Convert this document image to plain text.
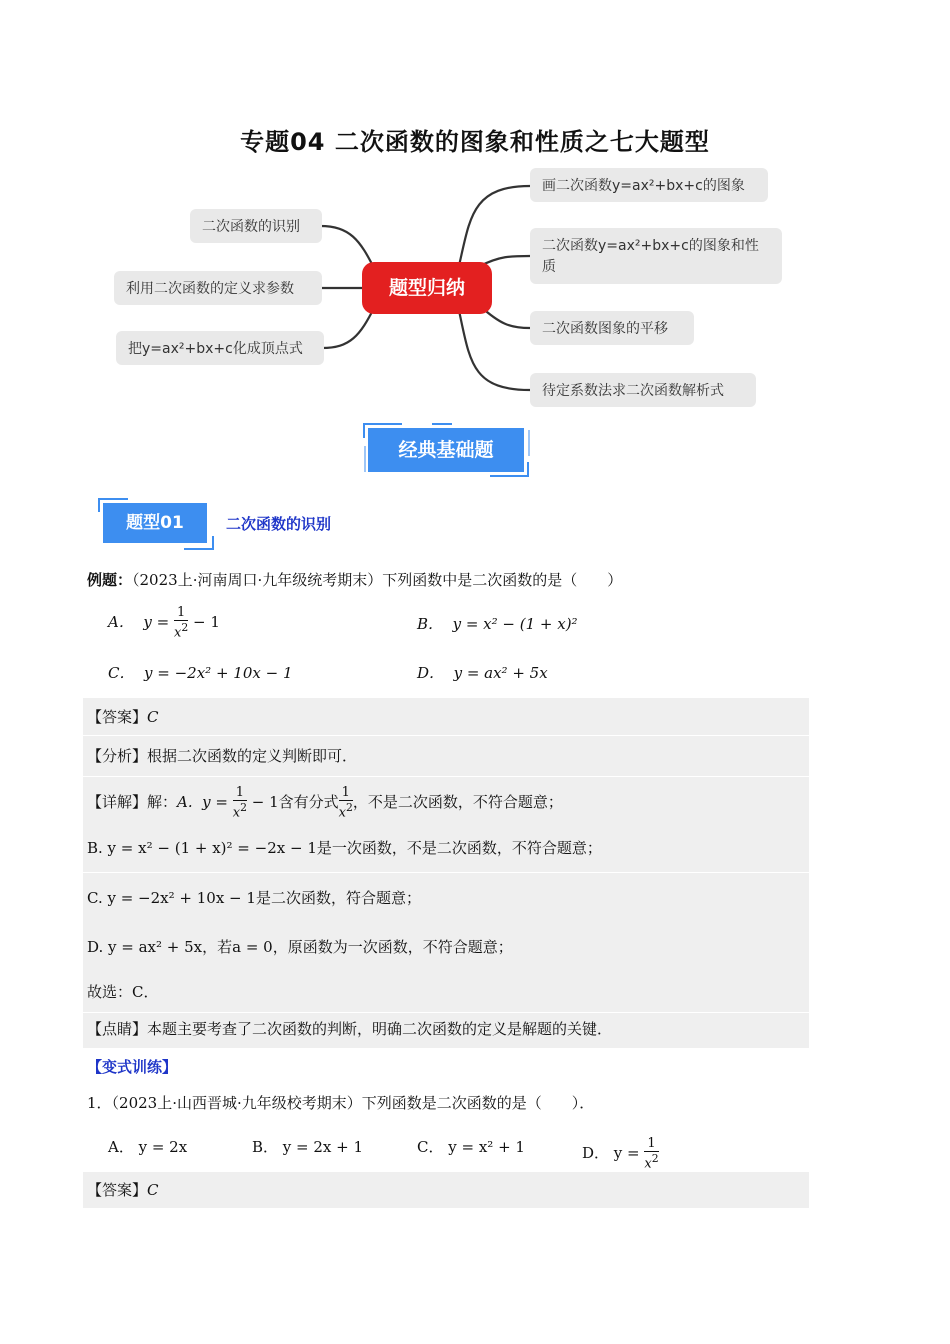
专题04 二次函数的图象和性质之七大题型
二次函数的识别
利用二次函数的定义求参数
把y=ax²+bx+c化成顶点式
画二次函数y=ax²+bx+c的图象
二次函数y=ax²+bx+c的图象和性质
二次函数图象的平移
待定系数法求二次函数解析式
题型归纳
经典基础题
题型01	二次函数的识别
例题：（2023上·河南周口·九年级统考期末）下列函数中是二次函数的是（　　）
A． $y = \frac{1}{x^2} - 1$	B． y = x² − (1 + x)²
C． y = −2x² + 10x − 1	D． y = ax² + 5x
【答案】C
【分析】根据二次函数的定义判断即可．
【详解】解：A. $y = \frac{1}{x^2} - 1$含有分式 $\frac{1}{x^2}$ ，不是二次函数，不符合题意；
B. y = x² − (1 + x)² = −2x − 1是一次函数，不是二次函数，不符合题意；
C. y = −2x² + 10x − 1是二次函数，符合题意；
D. y = ax² + 5x，若a = 0，原函数为一次函数，不符合题意；
故选：C．
【点睛】本题主要考查了二次函数的判断，明确二次函数的定义是解题的关键．
【变式训练】
1．（2023上·山西晋城·九年级校考期末）下列函数是二次函数的是（　　）．
A． y = 2x	B． y = 2x + 1	C． y = x² + 1	D． $y = \frac{1}{x^2}$
【答案】C
